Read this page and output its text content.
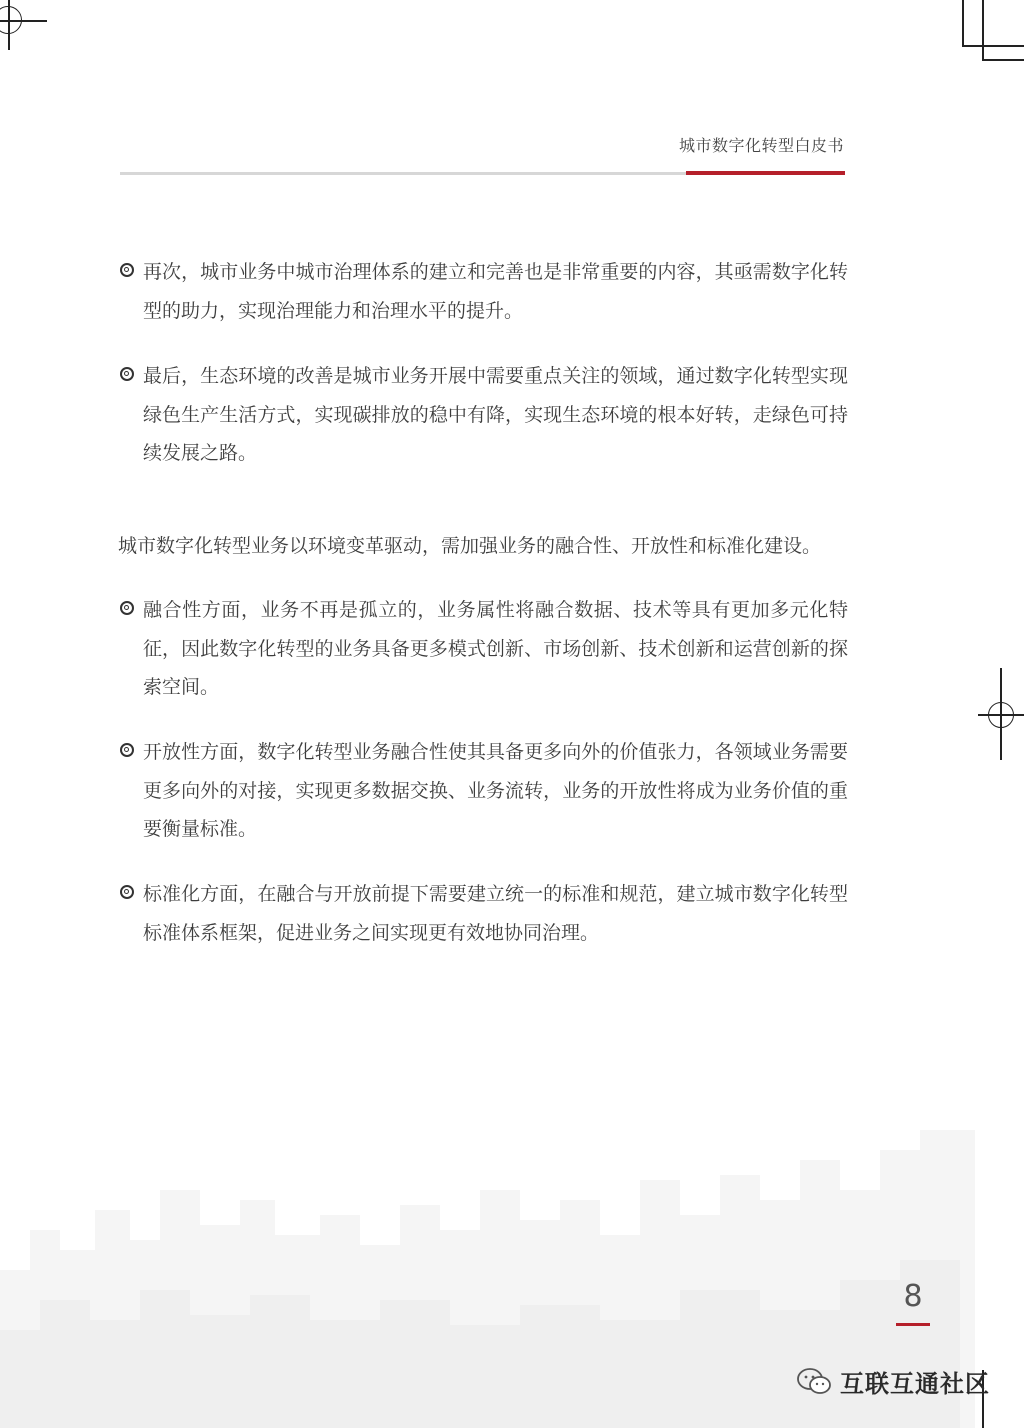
城市数字化转型白皮书
再次，城市业务中城市治理体系的建立和完善也是非常重要的内容，其亟需数字化转型的助力，实现治理能力和治理水平的提升。
最后，生态环境的改善是城市业务开展中需要重点关注的领域，通过数字化转型实现绿色生产生活方式，实现碳排放的稳中有降，实现生态环境的根本好转，走绿色可持续发展之路。
城市数字化转型业务以环境变革驱动，需加强业务的融合性、开放性和标准化建设。
融合性方面，业务不再是孤立的，业务属性将融合数据、技术等具有更加多元化特征，因此数字化转型的业务具备更多模式创新、市场创新、技术创新和运营创新的探索空间。
开放性方面，数字化转型业务融合性使其具备更多向外的价值张力，各领域业务需要更多向外的对接，实现更多数据交换、业务流转，业务的开放性将成为业务价值的重要衡量标准。
标准化方面，在融合与开放前提下需要建立统一的标准和规范，建立城市数字化转型标准体系框架，促进业务之间实现更有效地协同治理。
8
互联互通社区
